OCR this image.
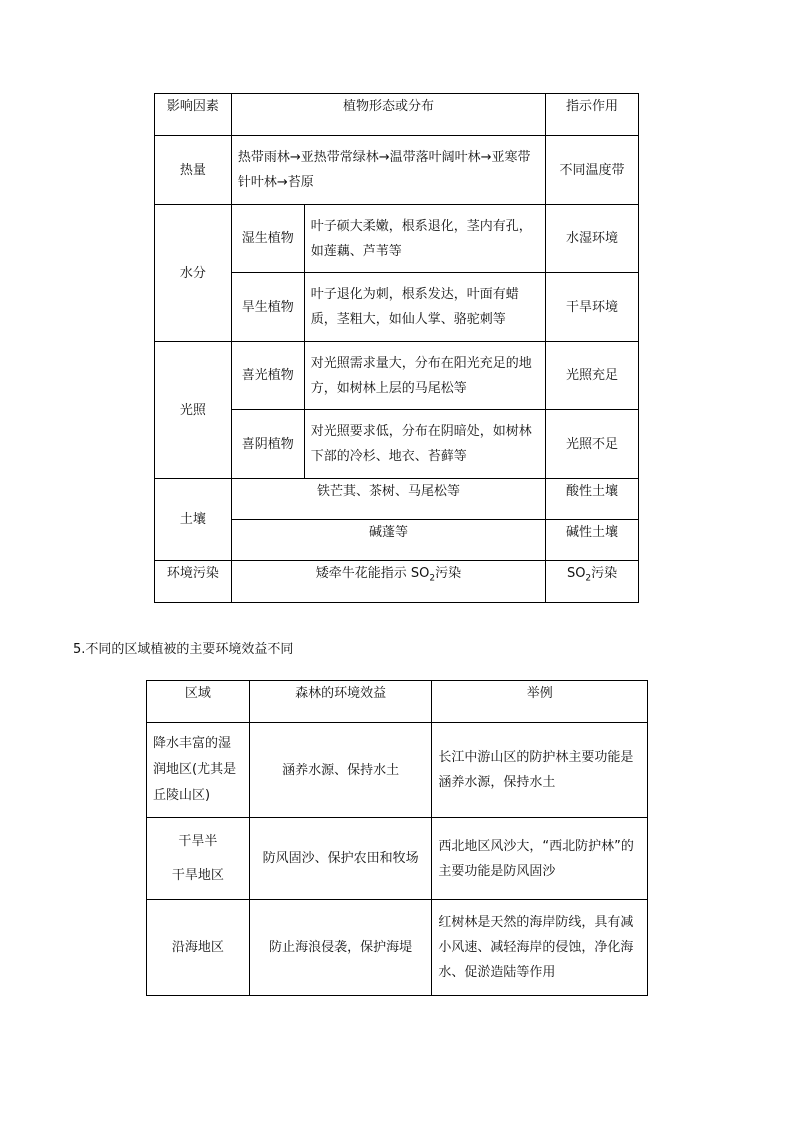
影响因素	植物形态或分布		指示作用
热量	热带雨林→亚热带常绿林→温带落叶阔叶林→亚寒带针叶林→苔原		不同温度带
水分	湿生植物	叶子硕大柔嫩，根系退化，茎内有孔，如莲藕、芦苇等	水湿环境
	旱生植物	叶子退化为刺，根系发达，叶面有蜡质，茎粗大，如仙人掌、骆驼刺等	干旱环境
光照	喜光植物	对光照需求量大，分布在阳光充足的地方，如树林上层的马尾松等	光照充足
	喜阴植物	对光照要求低，分布在阴暗处，如树林下部的冷杉、地衣、苔藓等	光照不足
土壤	铁芒萁、茶树、马尾松等		酸性土壤
	碱蓬等		碱性土壤
环境污染	矮牵牛花能指示 $SO_2$污染		$SO_2$污染
5.不同的区域植被的主要环境效益不同
区域	森林的环境效益	举例
降水丰富的湿润地区(尤其是丘陵山区)	涵养水源、保持水土	长江中游山区的防护林主要功能是涵养水源，保持水土

干旱半
干旱地区	防风固沙、保护农田和牧场	西北地区风沙大，“西北防护林”的主要功能是防风固沙
沿海地区	防止海浪侵袭，保护海堤	红树林是天然的海岸防线，具有减小风速、减轻海岸的侵蚀，净化海水、促淤造陆等作用
